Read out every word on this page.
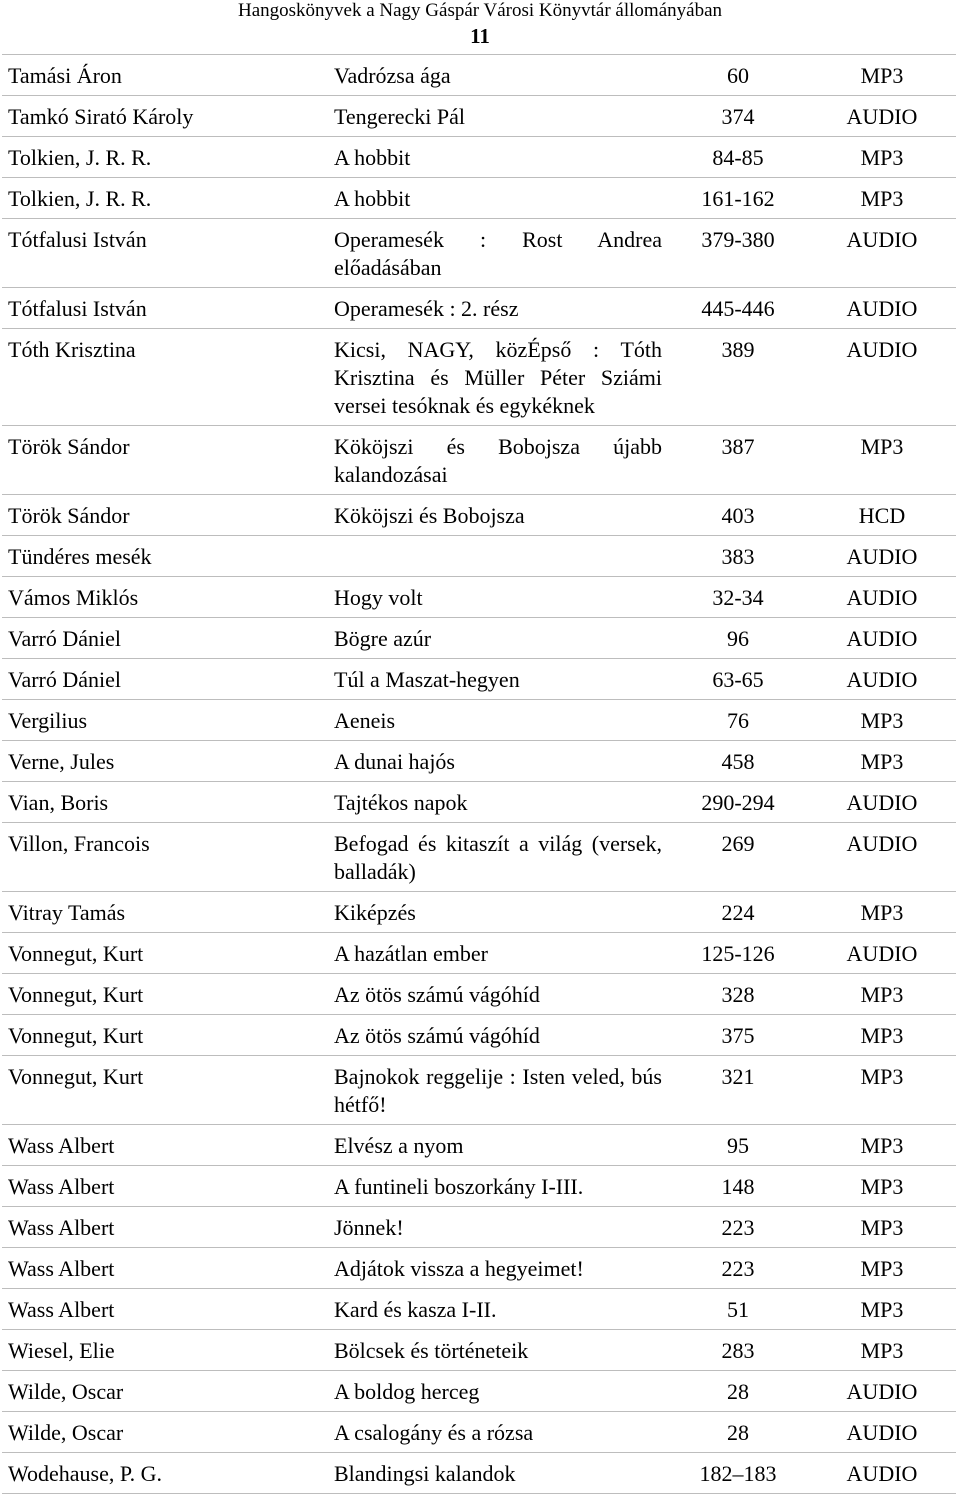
Hangoskönyvek a Nagy Gáspár Városi Könyvtár állományában
11
Tamási Áron	Vadrózsa ága	60	MP3
Tamkó Sirató Károly	Tengerecki Pál	374	AUDIO
Tolkien, J. R. R.	A hobbit	84-85	MP3
Tolkien, J. R. R.	A hobbit	161-162	MP3
Tótfalusi István	Operamesék : Rost Andrea előadásában	379-380	AUDIO
Tótfalusi István	Operamesék : 2. rész	445-446	AUDIO
Tóth Krisztina	Kicsi, NAGY, közÉpső : Tóth Krisztina és Müller Péter Sziámi versei tesóknak és egykéknek	389	AUDIO
Török Sándor	Kököjszi és Bobojsza újabb kalandozásai	387	MP3
Török Sándor	Kököjszi és Bobojsza	403	HCD
Tündéres mesék		383	AUDIO
Vámos Miklós	Hogy volt	32-34	AUDIO
Varró Dániel	Bögre azúr	96	AUDIO
Varró Dániel	Túl a Maszat-hegyen	63-65	AUDIO
Vergilius	Aeneis	76	MP3
Verne, Jules	A dunai hajós	458	MP3
Vian, Boris	Tajtékos napok	290-294	AUDIO
Villon, Francois	Befogad és kitaszít a világ (versek, balladák)	269	AUDIO
Vitray Tamás	Kiképzés	224	MP3
Vonnegut, Kurt	A hazátlan ember	125-126	AUDIO
Vonnegut, Kurt	Az ötös számú vágóhíd	328	MP3
Vonnegut, Kurt	Az ötös számú vágóhíd	375	MP3
Vonnegut, Kurt	Bajnokok reggelije : Isten veled, bús hétfő!	321	MP3
Wass Albert	Elvész a nyom	95	MP3
Wass Albert	A funtineli boszorkány I-III.	148	MP3
Wass Albert	Jönnek!	223	MP3
Wass Albert	Adjátok vissza a hegyeimet!	223	MP3
Wass Albert	Kard és kasza I-II.	51	MP3
Wiesel, Elie	Bölcsek és történeteik	283	MP3
Wilde, Oscar	A boldog herceg	28	AUDIO
Wilde, Oscar	A csalogány és a rózsa	28	AUDIO
Wodehause, P. G.	Blandingsi kalandok	182–183	AUDIO
